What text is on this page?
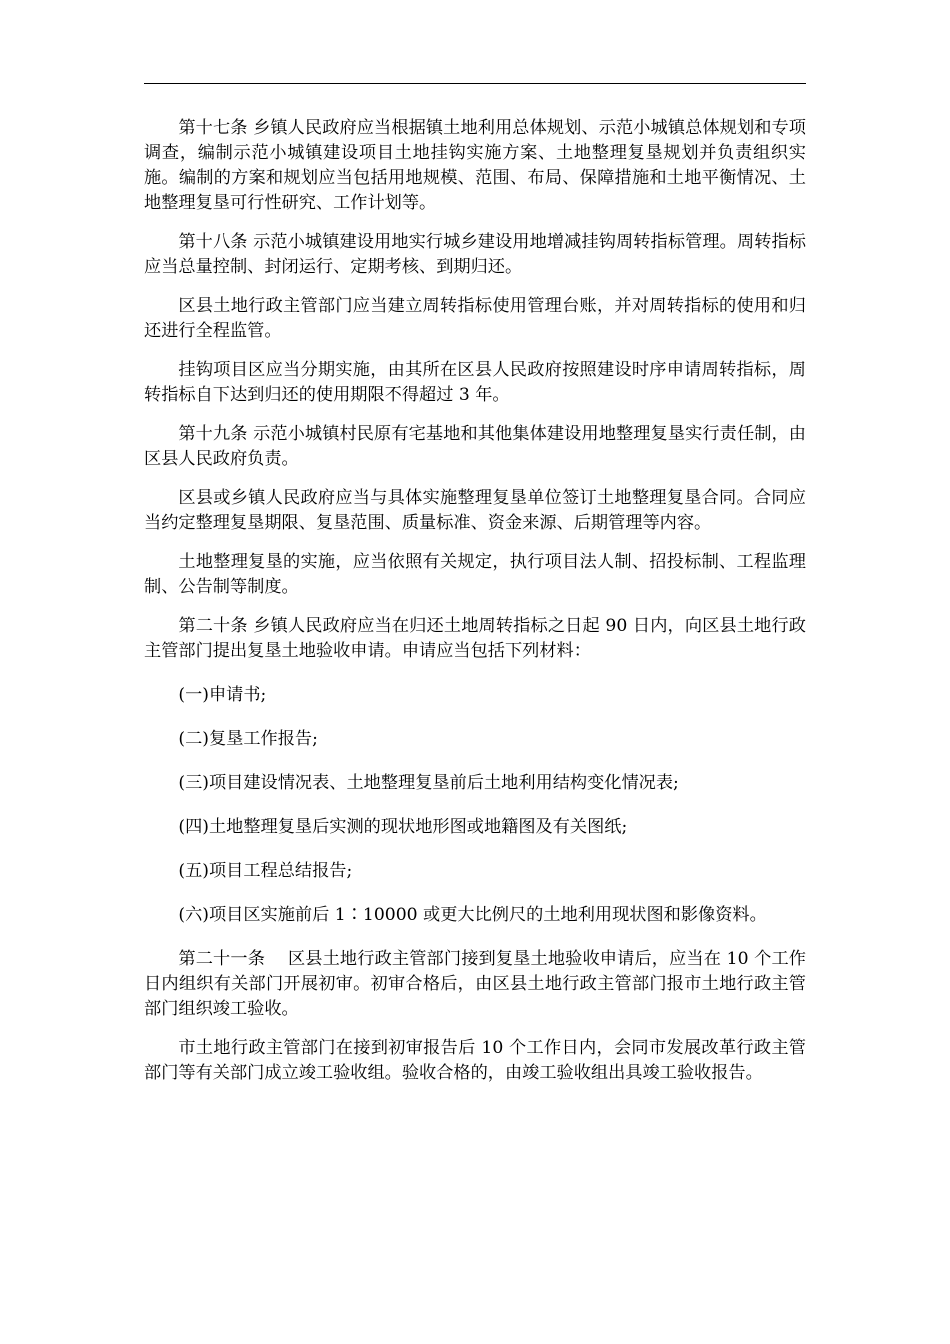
第十七条 乡镇人民政府应当根据镇土地利用总体规划、示范小城镇总体规划和专项调查，编制示范小城镇建设项目土地挂钩实施方案、土地整理复垦规划并负责组织实施。编制的方案和规划应当包括用地规模、范围、布局、保障措施和土地平衡情况、土地整理复垦可行性研究、工作计划等。

第十八条 示范小城镇建设用地实行城乡建设用地增减挂钩周转指标管理。周转指标应当总量控制、封闭运行、定期考核、到期归还。

区县土地行政主管部门应当建立周转指标使用管理台账，并对周转指标的使用和归还进行全程监管。

挂钩项目区应当分期实施，由其所在区县人民政府按照建设时序申请周转指标，周转指标自下达到归还的使用期限不得超过 3 年。

第十九条 示范小城镇村民原有宅基地和其他集体建设用地整理复垦实行责任制，由区县人民政府负责。

区县或乡镇人民政府应当与具体实施整理复垦单位签订土地整理复垦合同。合同应当约定整理复垦期限、复垦范围、质量标准、资金来源、后期管理等内容。

土地整理复垦的实施，应当依照有关规定，执行项目法人制、招投标制、工程监理制、公告制等制度。

第二十条 乡镇人民政府应当在归还土地周转指标之日起 90 日内，向区县土地行政主管部门提出复垦土地验收申请。申请应当包括下列材料：

(一)申请书;

(二)复垦工作报告;

(三)项目建设情况表、土地整理复垦前后土地利用结构变化情况表;

(四)土地整理复垦后实测的现状地形图或地籍图及有关图纸;

(五)项目工程总结报告;

(六)项目区实施前后 1∶10000 或更大比例尺的土地利用现状图和影像资料。

第二十一条　 区县土地行政主管部门接到复垦土地验收申请后，应当在 10 个工作日内组织有关部门开展初审。初审合格后，由区县土地行政主管部门报市土地行政主管部门组织竣工验收。

市土地行政主管部门在接到初审报告后 10 个工作日内，会同市发展改革行政主管部门等有关部门成立竣工验收组。验收合格的，由竣工验收组出具竣工验收报告。
